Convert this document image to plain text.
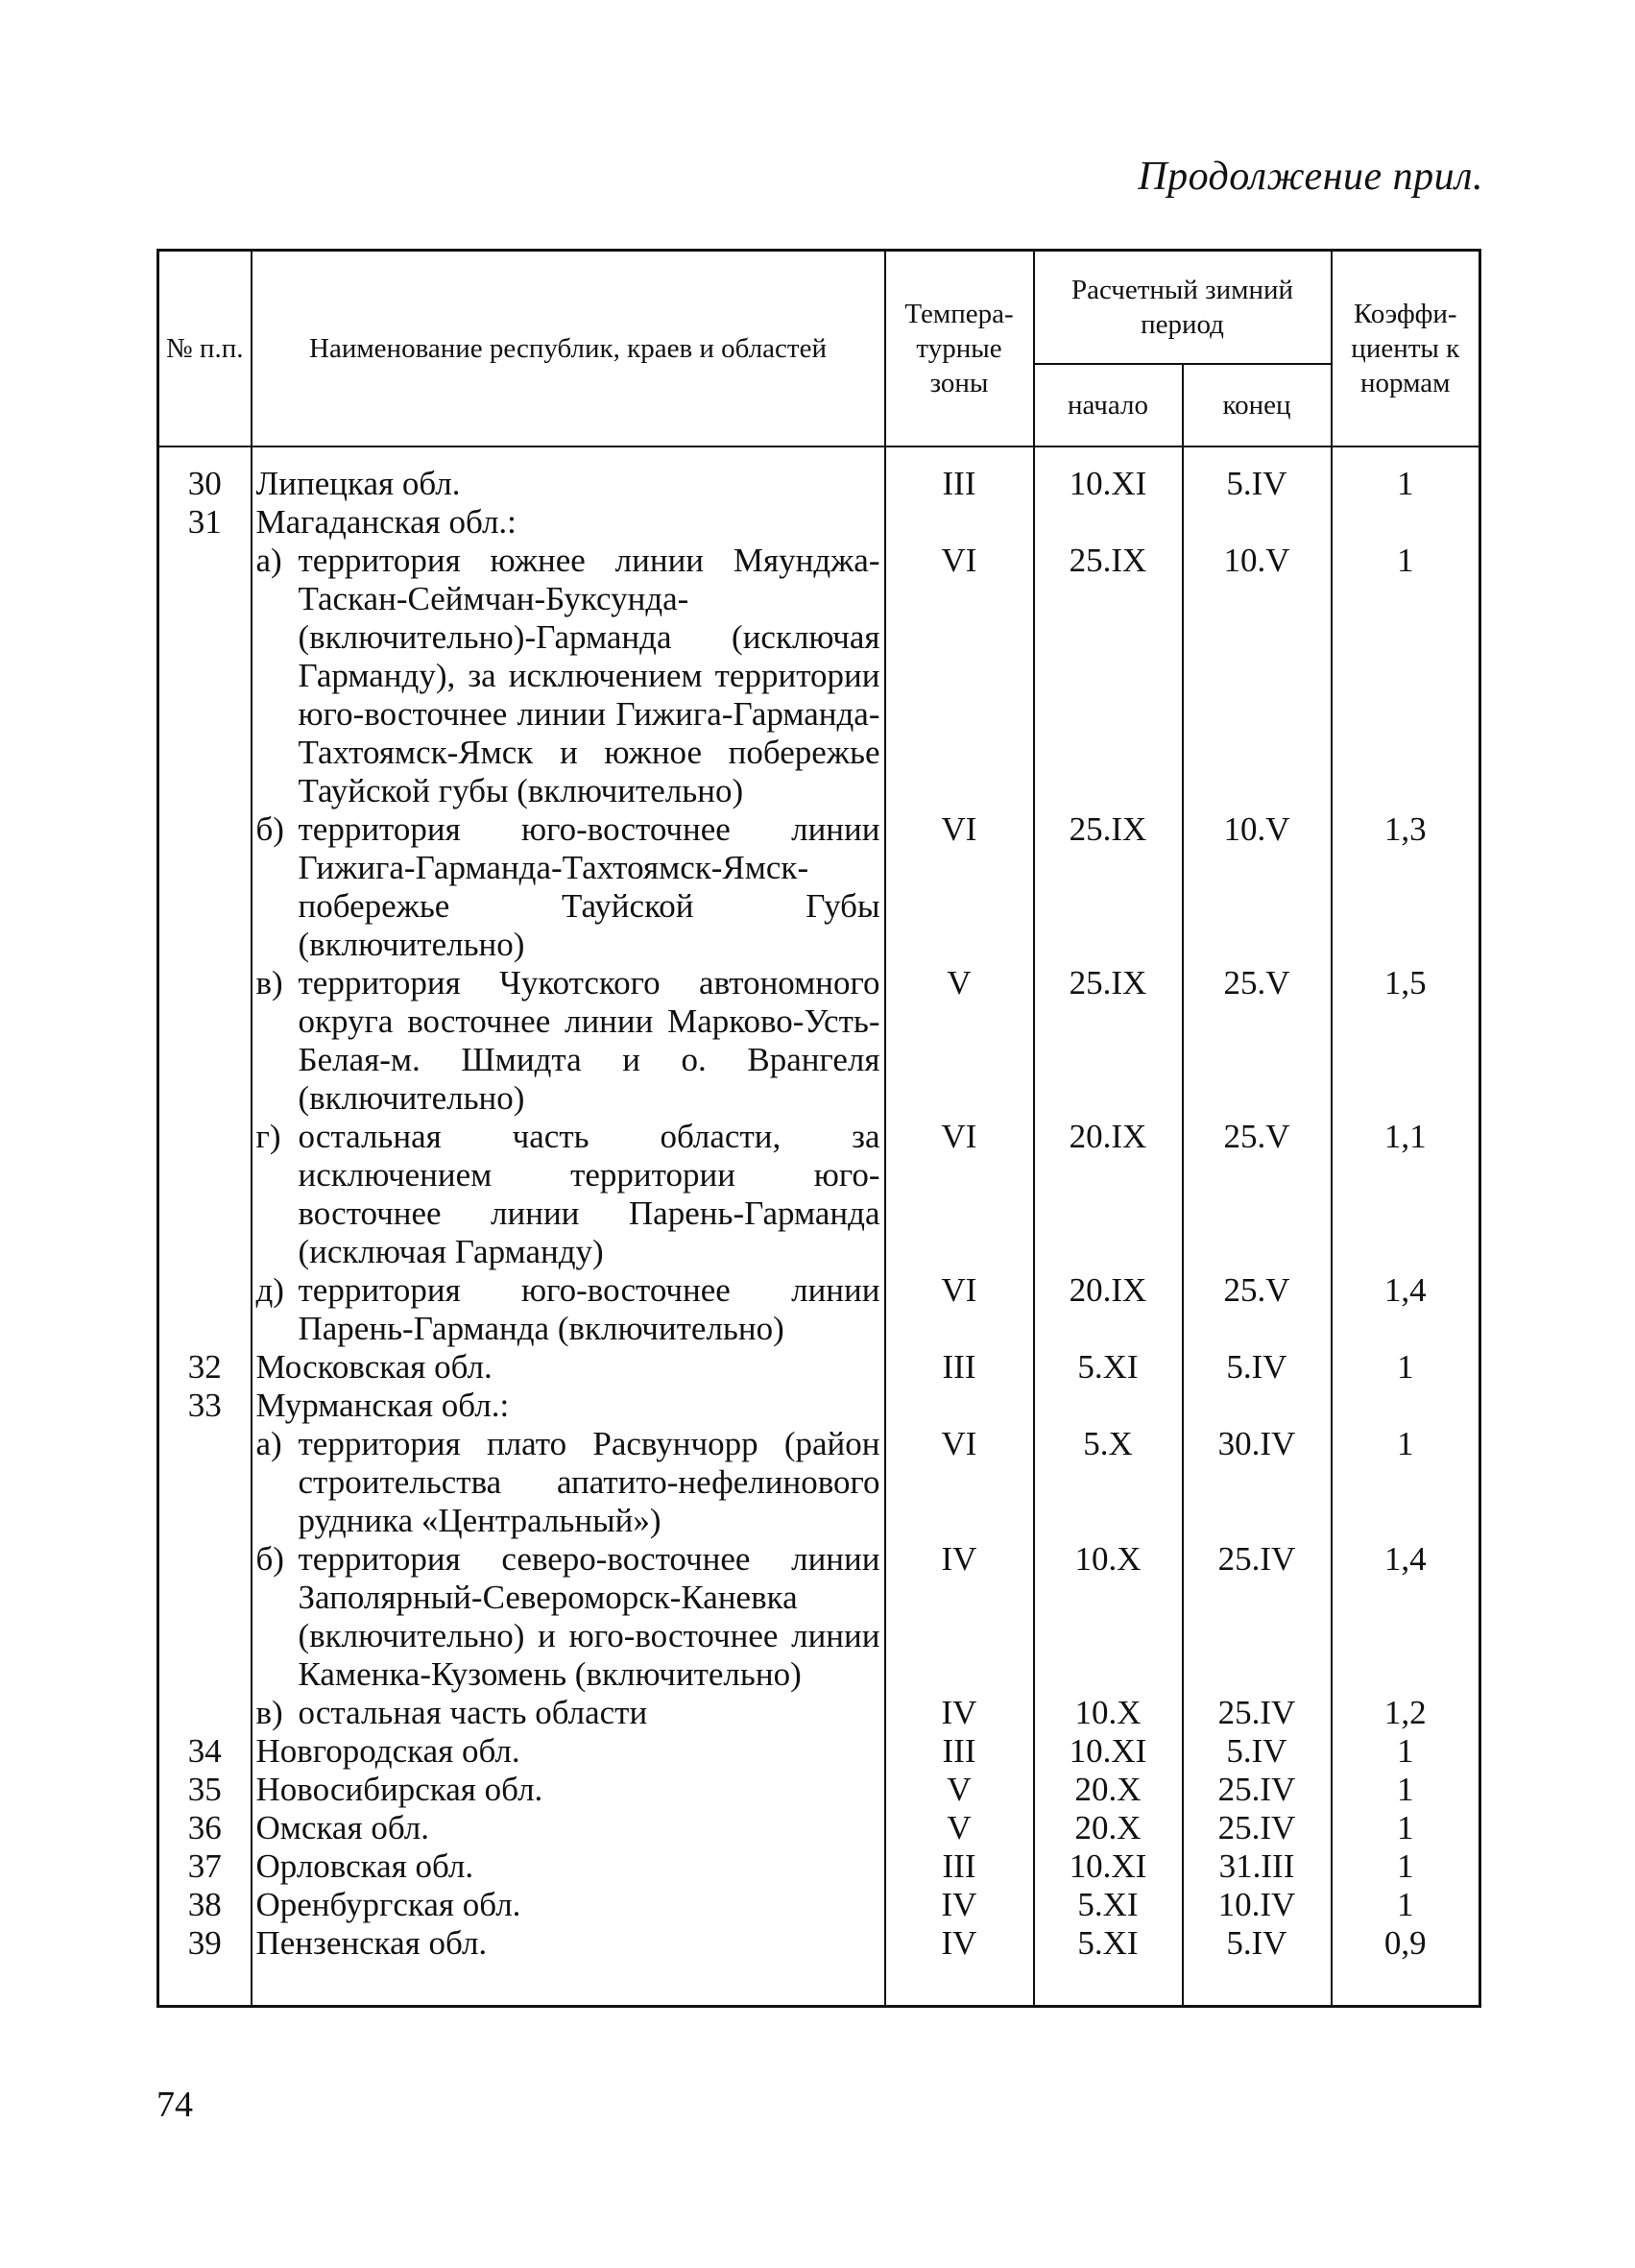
Продолжение прил.
№ п.п.	Наименование республик, краев и областей	Темпера- турные зоны	Расчетный зимний период		Коэффи- циенты к нормам
			начало	конец	
30	Липецкая обл.	III	10.XI	5.IV	1
31	Магаданская обл.:				

	а) территория южнее линии Мяунджа-Таскан-Сеймчан-Буксунда-(включительно)-Гарманда (исключая Гарманду), за исключением территории юго-восточнее линии Гижига-Гарманда-Тахтоямск-Ямск и южное побережье Тауйской губы (включительно)	VI	25.IX	10.V	1

	б) территория юго-восточнее линии Гижига-Гарманда-Тахтоямск-Ямск-побережье Тауйской Губы (включительно)	VI	25.IX	10.V	1,3

	в) территория Чукотского автономного округа восточнее линии Марково-Усть-Белая-м. Шмидта и о. Врангеля (включительно)	V	25.IX	25.V	1,5

	г) остальная часть области, за исключением территории юго-восточнее линии Парень-Гарманда (исключая Гарманду)	VI	20.IX	25.V	1,1

	д) территория юго-восточнее линии Парень-Гарманда (включительно)	VI	20.IX	25.V	1,4
32	Московская обл.	III	5.XI	5.IV	1
33	Мурманская обл.:				

	а) территория плато Расвунчорр (район строительства апатито-нефелинового рудника «Центральный»)	VI	5.X	30.IV	1

	б) территория северо-восточнее линии Заполярный-Североморск-Каневка (включительно) и юго-восточнее линии Каменка-Кузомень (включительно)	IV	10.X	25.IV	1,4

	в) остальная часть области	IV	10.X	25.IV	1,2
34	Новгородская обл.	III	10.XI	5.IV	1
35	Новосибирская обл.	V	20.X	25.IV	1
36	Омская обл.	V	20.X	25.IV	1
37	Орловская обл.	III	10.XI	31.III	1
38	Оренбургская обл.	IV	5.XI	10.IV	1
39	Пензенская обл.	IV	5.XI	5.IV	0,9
74
